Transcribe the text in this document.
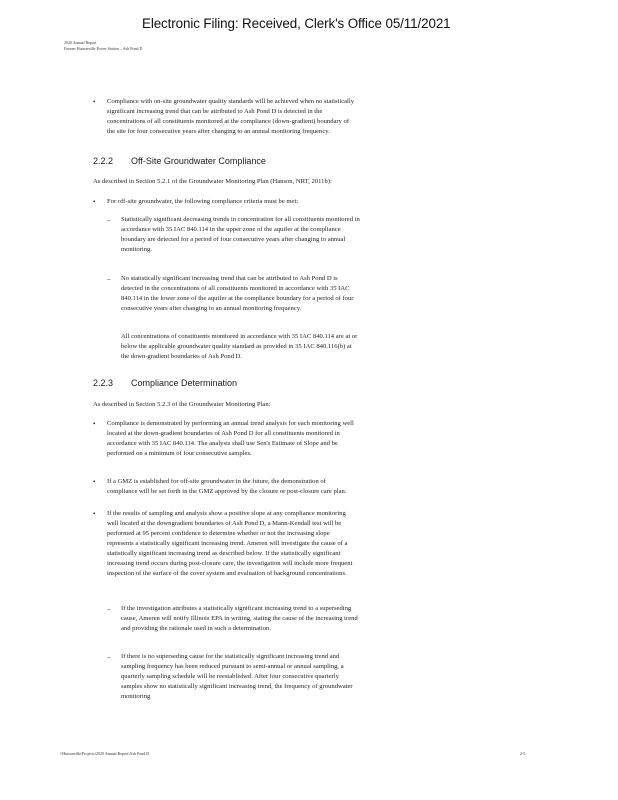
Electronic Filing: Received, Clerk's Office 05/11/2021
2020 Annual Report
Former Hutsonville Power Station – Ash Pond D
• Compliance with on-site groundwater quality standards will be achieved when no statistically significant increasing trend that can be attributed to Ash Pond D is detected in the concentrations of all constituents monitored at the compliance (down-gradient) boundary of the site for four consecutive years after changing to an annual monitoring frequency.
2.2.2 Off-Site Groundwater Compliance
As described in Section 5.2.1 of the Groundwater Monitoring Plan (Hanson, NRT, 2011b):
• For off-site groundwater, the following compliance criteria must be met:
– Statistically significant decreasing trends in concentration for all constituents monitored in accordance with 35 IAC 840.114 in the upper zone of the aquifer at the compliance boundary are detected for a period of four consecutive years after changing to annual monitoring.
– No statistically significant increasing trend that can be attributed to Ash Pond D is detected in the concentrations of all constituents monitored in accordance with 35 IAC 840.114 in the lower zone of the aquifer at the compliance boundary for a period of four consecutive years after changing to an annual monitoring frequency.
All concentrations of constituents monitored in accordance with 35 IAC 840.114 are at or below the applicable groundwater quality standard as provided in 35 IAC 840.116(b) at the down-gradient boundaries of Ash Pond D.
2.2.3 Compliance Determination
As described in Section 5.2.3 of the Groundwater Monitoring Plan:
• Compliance is demonstrated by performing an annual trend analysis for each monitoring well located at the down-gradient boundaries of Ash Pond D for all constituents monitored in accordance with 35 IAC 840.114. The analysis shall use Sen's Estimate of Slope and be performed on a minimum of four consecutive samples.
• If a GMZ is established for off-site groundwater in the future, the demonstration of compliance will be set forth in the GMZ approved by the closure or post-closure care plan.
• If the results of sampling and analysis show a positive slope at any compliance monitoring well located at the downgradient boundaries of Ash Pond D, a Mann-Kendall test will be performed at 95 percent confidence to determine whether or not the increasing slope represents a statistically significant increasing trend. Ameren will investigate the cause of a statistically significant increasing trend as described below. If the statistically significant increasing trend occurs during post-closure care, the investigation will include more frequent inspection of the surface of the cover system and evaluation of background concentrations.
– If the investigation attributes a statistically significant increasing trend to a superseding cause, Ameren will notify Illinois EPA in writing, stating the cause of the increasing trend and providing the rationale used in such a determination.
– If there is no superseding cause for the statistically significant increasing trend and sampling frequency has been reduced pursuant to semi-annual or annual sampling, a quarterly sampling schedule will be reestablished. After four consecutive quarterly samples show no statistically significant increasing trend, the frequency of groundwater monitoring
\\Hutsonville\Projects\2020 Annual Report\Ash Pond D	2-5
